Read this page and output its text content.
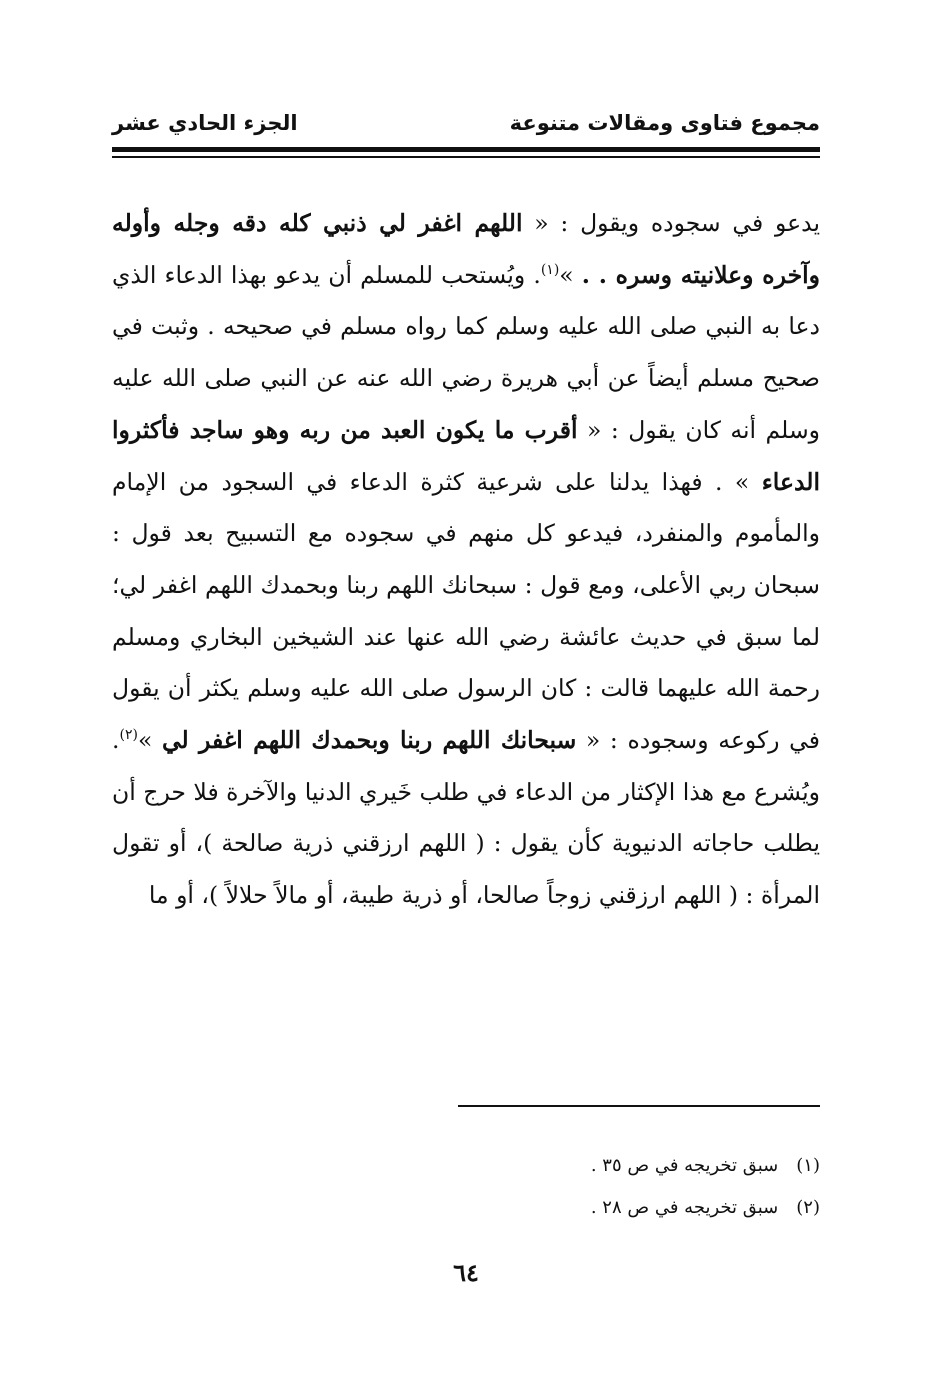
مجموع فتاوى ومقالات متنوعة
الجزء الحادي عشر
يدعو في سجوده ويقول : « اللهم اغفر لي ذنبي كله دقه وجله وأوله وآخره وعلانيته وسره . . »$^{(١)}$. ويُستحب للمسلم أن يدعو بهذا الدعاء الذي دعا به النبي صلى الله عليه وسلم كما رواه مسلم في صحيحه . وثبت في صحيح مسلم أيضاً عن أبي هريرة رضي الله عنه عن النبي صلى الله عليه وسلم أنه كان يقول : « أقرب ما يكون العبد من ربه وهو ساجد فأكثروا الدعاء » . فهذا يدلنا على شرعية كثرة الدعاء في السجود من الإمام والمأموم والمنفرد، فيدعو كل منهم في سجوده مع التسبيح بعد قول : سبحان ربي الأعلى، ومع قول : سبحانك اللهم ربنا وبحمدك اللهم اغفر لي؛ لما سبق في حديث عائشة رضي الله عنها عند الشيخين البخاري ومسلم رحمة الله عليهما قالت : كان الرسول صلى الله عليه وسلم يكثر أن يقول في ركوعه وسجوده : « سبحانك اللهم ربنا وبحمدك اللهم اغفر لي »$^{(٢)}$. ويُشرع مع هذا الإكثار من الدعاء في طلب خَيري الدنيا والآخرة فلا حرج أن يطلب حاجاته الدنيوية كأن يقول : ( اللهم ارزقني ذرية صالحة )، أو تقول المرأة : ( اللهم ارزقني زوجاً صالحا، أو ذرية طيبة، أو مالاً حلالاً )، أو ما
(١)سبق تخريجه في ص ٣٥ .
(٢)سبق تخريجه في ص ٢٨ .
٦٤
